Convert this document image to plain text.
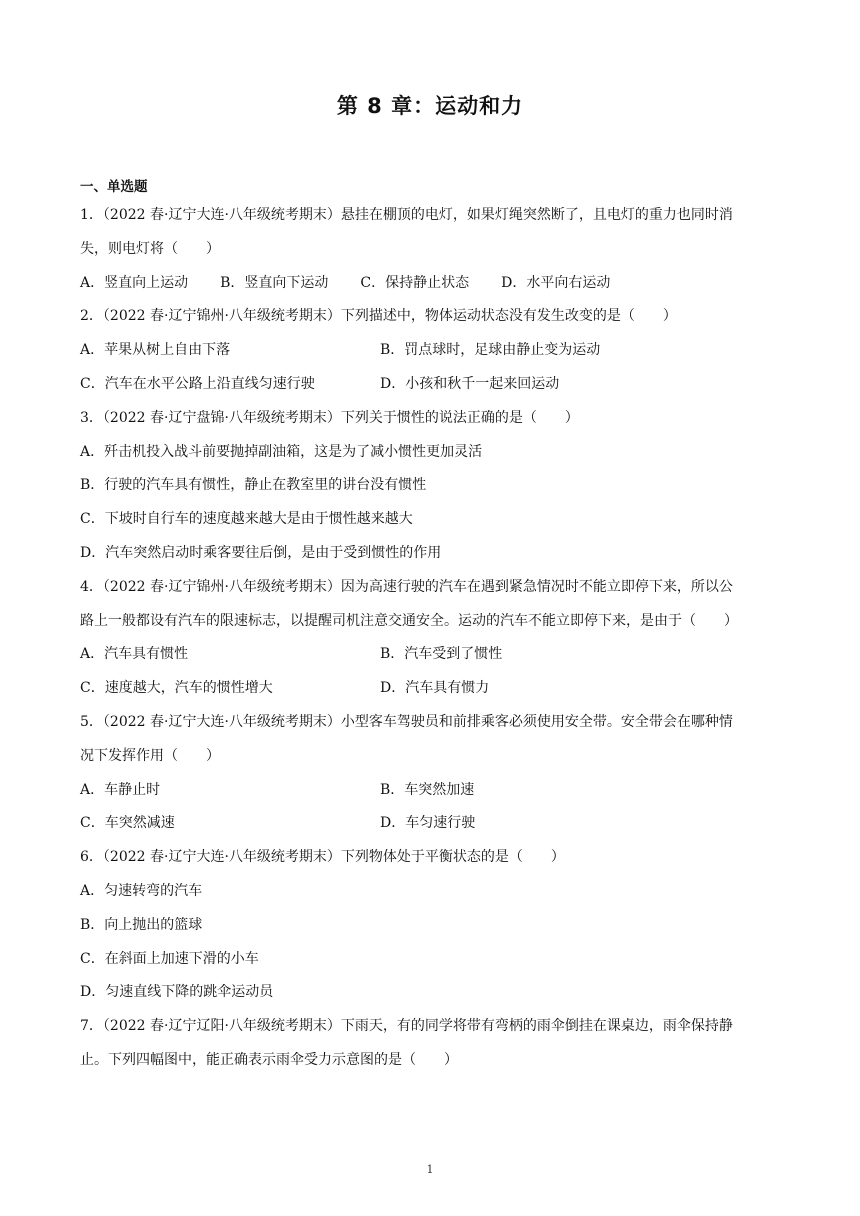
第 8 章：运动和力
一、单选题

1．（2022 春·辽宁大连·八年级统考期末）悬挂在棚顶的电灯，如果灯绳突然断了，且电灯的重力也同时消

失，则电灯将（　　）

A．竖直向上运动 B．竖直向下运动 C．保持静止状态 D．水平向右运动

2．（2022 春·辽宁锦州·八年级统考期末）下列描述中，物体运动状态没有发生改变的是（　　）

A．苹果从树上自由下落	B．罚点球时，足球由静止变为运动
C．汽车在水平公路上沿直线匀速行驶	D．小孩和秋千一起来回运动

3．（2022 春·辽宁盘锦·八年级统考期末）下列关于惯性的说法正确的是（　　）

A．歼击机投入战斗前要抛掉副油箱，这是为了减小惯性更加灵活

B．行驶的汽车具有惯性，静止在教室里的讲台没有惯性

C．下坡时自行车的速度越来越大是由于惯性越来越大

D．汽车突然启动时乘客要往后倒，是由于受到惯性的作用

4．（2022 春·辽宁锦州·八年级统考期末）因为高速行驶的汽车在遇到紧急情况时不能立即停下来，所以公

路上一般都设有汽车的限速标志，以提醒司机注意交通安全。运动的汽车不能立即停下来，是由于（　　）

A．汽车具有惯性	B．汽车受到了惯性
C．速度越大，汽车的惯性增大	D．汽车具有惯力

5．（2022 春·辽宁大连·八年级统考期末）小型客车驾驶员和前排乘客必须使用安全带。安全带会在哪种情

况下发挥作用（　　）

A．车静止时	B．车突然加速
C．车突然减速	D．车匀速行驶

6．（2022 春·辽宁大连·八年级统考期末）下列物体处于平衡状态的是（　　）

A．匀速转弯的汽车

B．向上抛出的篮球

C．在斜面上加速下滑的小车

D．匀速直线下降的跳伞运动员

7．（2022 春·辽宁辽阳·八年级统考期末）下雨天，有的同学将带有弯柄的雨伞倒挂在课桌边，雨伞保持静

止。下列四幅图中，能正确表示雨伞受力示意图的是（　　）

1
